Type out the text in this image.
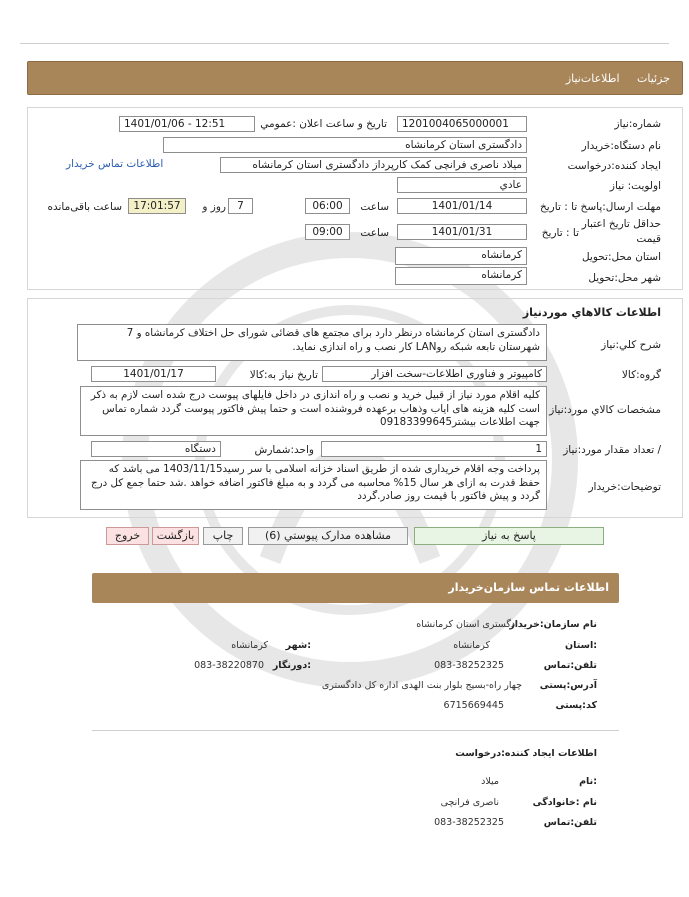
جزئیات اطلاعات‌نیاز
شماره:نیاز
1201004065000001
تاریخ و ساعت اعلان :عمومي
1401/01/06 - 12:51
نام دستگاه:خریدار
دادگستری استان کرمانشاه
ایجاد کننده:درخواست
میلاد ناصری فرانچی کمک کارپرداز دادگستری استان کرمانشاه
اطلاعات تماس خریدار
اولویت: نیاز
عادي
مهلت ارسال:پاسخ تا : تاریخ
1401/01/14
ساعت
06:00
7
روز و
17:01:57
ساعت باقی‌مانده
حداقل تاریخ اعتبار
قیمت
تا : تاریخ
1401/01/31
ساعت
09:00
استان محل:تحویل
کرمانشاه
شهر محل:تحویل
کرمانشاه
اطلاعات کالاهاي موردنياز
شرح کلي:نياز
دادگستری استان کرمانشاه درنظر دارد برای مجتمع های قضائی شورای حل اختلاف کرمانشاه و 7 شهرستان تابعه شبکه روLAN کار نصب و راه اندازی نماید.
گروه:کالا
کامپیوتر و فناوری اطلاعات-سخت افزار
تاريخ نياز به:کالا
1401/01/17
مشخصات کالاي مورد:نياز
کلیه اقلام مورد نیاز از قبیل خرید و نصب و راه اندازی در داخل فایلهای پیوست درج شده است لازم به ذکر است کلیه هزینه های ایاب وذهاب برعهده فروشنده است و حتما پیش فاکتور پیوست گردد شماره تماس جهت اطلاعات بیشتر09183399645
/ تعداد مقدار مورد:نياز
1
واحد:شمارش
دستگاه
توضيحات:خريدار
پرداخت وجه اقلام خریداری شده از طریق اسناد خزانه اسلامی با سر رسید1403/11/15 می باشد که حفظ قدرت به ازای هر سال 15% محاسبه می گردد و به مبلغ فاکتور اضافه خواهد .شد حتما جمع کل درج گردد و پیش فاکتور با قیمت روز صادر.گردد
پاسخ به نياز
مشاهده مدارک پیوستي (6)
چاپ
بازگشت
خروج
اطلاعات تماس سازمان‌خریدار
نام سازمان:خریدار
دادگستری استان کرمانشاه
:استان
کرمانشاه
:شهر
کرمانشاه
تلفن:تماس
083-38252325
:دورنگار
083-38220870
آدرس:پستی
چهار راه-بسیج بلوار بنت الهدی اداره کل دادگستری
کد:پستی
6715669445
اطلاعات ایجاد کننده:درخواست
:نام
میلاد
نام :خانوادگی
ناصری فرانچی
تلفن:تماس
083-38252325
